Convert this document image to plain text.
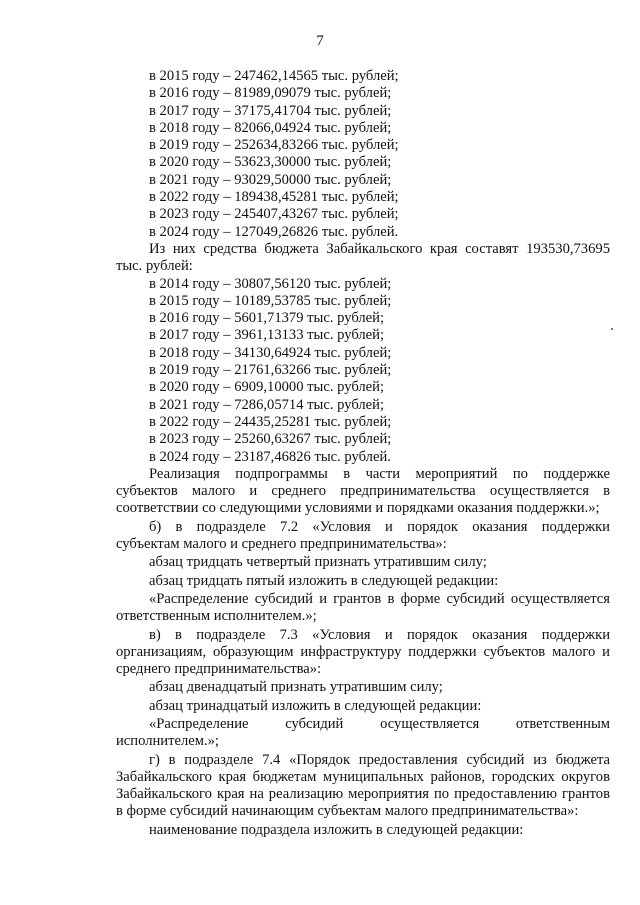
7
в 2015 году – 247462,14565 тыс. рублей;
в 2016 году – 81989,09079 тыс. рублей;
в 2017 году – 37175,41704 тыс. рублей;
в 2018 году – 82066,04924 тыс. рублей;
в 2019 году – 252634,83266 тыс. рублей;
в 2020 году – 53623,30000 тыс. рублей;
в 2021 году – 93029,50000 тыс. рублей;
в 2022 году – 189438,45281 тыс. рублей;
в 2023 году – 245407,43267 тыс. рублей;
в 2024 году – 127049,26826 тыс. рублей.
Из них средства бюджета Забайкальского края составят 193530,73695
тыс. рублей:
в 2014 году – 30807,56120 тыс. рублей;
в 2015 году – 10189,53785 тыс. рублей;
в 2016 году – 5601,71379 тыс. рублей;
в 2017 году – 3961,13133 тыс. рублей;
в 2018 году – 34130,64924 тыс. рублей;
в 2019 году – 21761,63266 тыс. рублей;
в 2020 году – 6909,10000 тыс. рублей;
в 2021 году – 7286,05714 тыс. рублей;
в 2022 году – 24435,25281 тыс. рублей;
в 2023 году – 25260,63267 тыс. рублей;
в 2024 году – 23187,46826 тыс. рублей.
Реализация подпрограммы в части мероприятий по поддержке
субъектов малого и среднего предпринимательства осуществляется в
соответствии со следующими условиями и порядками оказания поддержки.»;
б) в подразделе 7.2 «Условия и порядок оказания поддержки
субъектам малого и среднего предпринимательства»:
абзац тридцать четвертый признать утратившим силу;
абзац тридцать пятый изложить в следующей редакции:
«Распределение субсидий и грантов в форме субсидий осуществляется
ответственным исполнителем.»;
в) в подразделе 7.3 «Условия и порядок оказания поддержки
организациям, образующим инфраструктуру поддержки субъектов малого и
среднего предпринимательства»:
абзац двенадцатый признать утратившим силу;
абзац тринадцатый изложить в следующей редакции:
«Распределение субсидий осуществляется ответственным
исполнителем.»;
г) в подразделе 7.4 «Порядок предоставления субсидий из бюджета
Забайкальского края бюджетам муниципальных районов, городских округов
Забайкальского края на реализацию мероприятия по предоставлению грантов
в форме субсидий начинающим субъектам малого предпринимательства»:
наименование подраздела изложить в следующей редакции:
